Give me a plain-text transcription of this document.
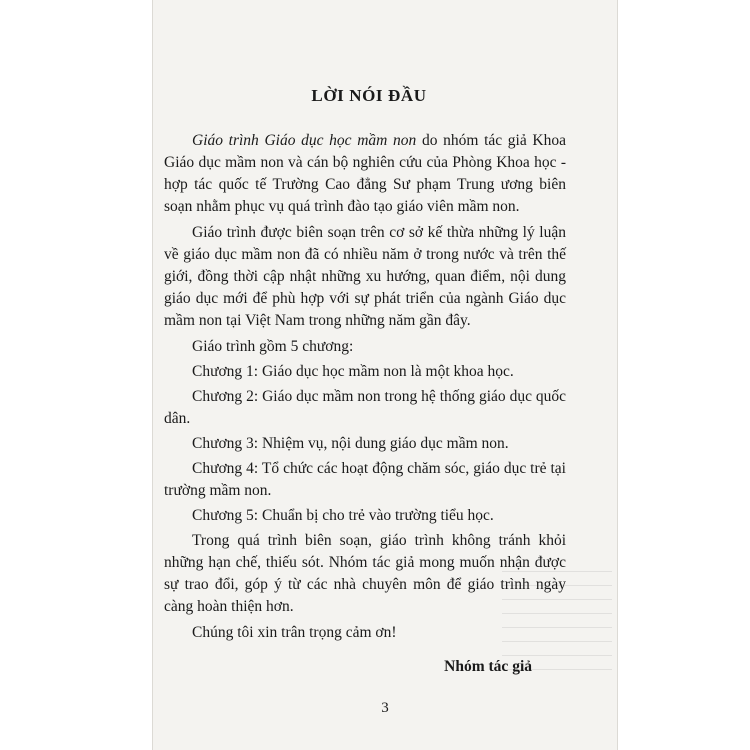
LỜI NÓI ĐẦU

Giáo trình Giáo dục học mầm non do nhóm tác giả Khoa Giáo dục mầm non và cán bộ nghiên cứu của Phòng Khoa học - hợp tác quốc tế Trường Cao đẳng Sư phạm Trung ương biên soạn nhằm phục vụ quá trình đào tạo giáo viên mầm non.

Giáo trình được biên soạn trên cơ sở kế thừa những lý luận về giáo dục mầm non đã có nhiều năm ở trong nước và trên thế giới, đồng thời cập nhật những xu hướng, quan điểm, nội dung giáo dục mới để phù hợp với sự phát triển của ngành Giáo dục mầm non tại Việt Nam trong những năm gần đây.

Giáo trình gồm 5 chương:

Chương 1: Giáo dục học mầm non là một khoa học.

Chương 2: Giáo dục mầm non trong hệ thống giáo dục quốc dân.

Chương 3: Nhiệm vụ, nội dung giáo dục mầm non.

Chương 4: Tổ chức các hoạt động chăm sóc, giáo dục trẻ tại trường mầm non.

Chương 5: Chuẩn bị cho trẻ vào trường tiểu học.

Trong quá trình biên soạn, giáo trình không tránh khỏi những hạn chế, thiếu sót. Nhóm tác giả mong muốn nhận được sự trao đổi, góp ý từ các nhà chuyên môn để giáo trình ngày càng hoàn thiện hơn.

Chúng tôi xin trân trọng cảm ơn!

Nhóm tác giả
3
